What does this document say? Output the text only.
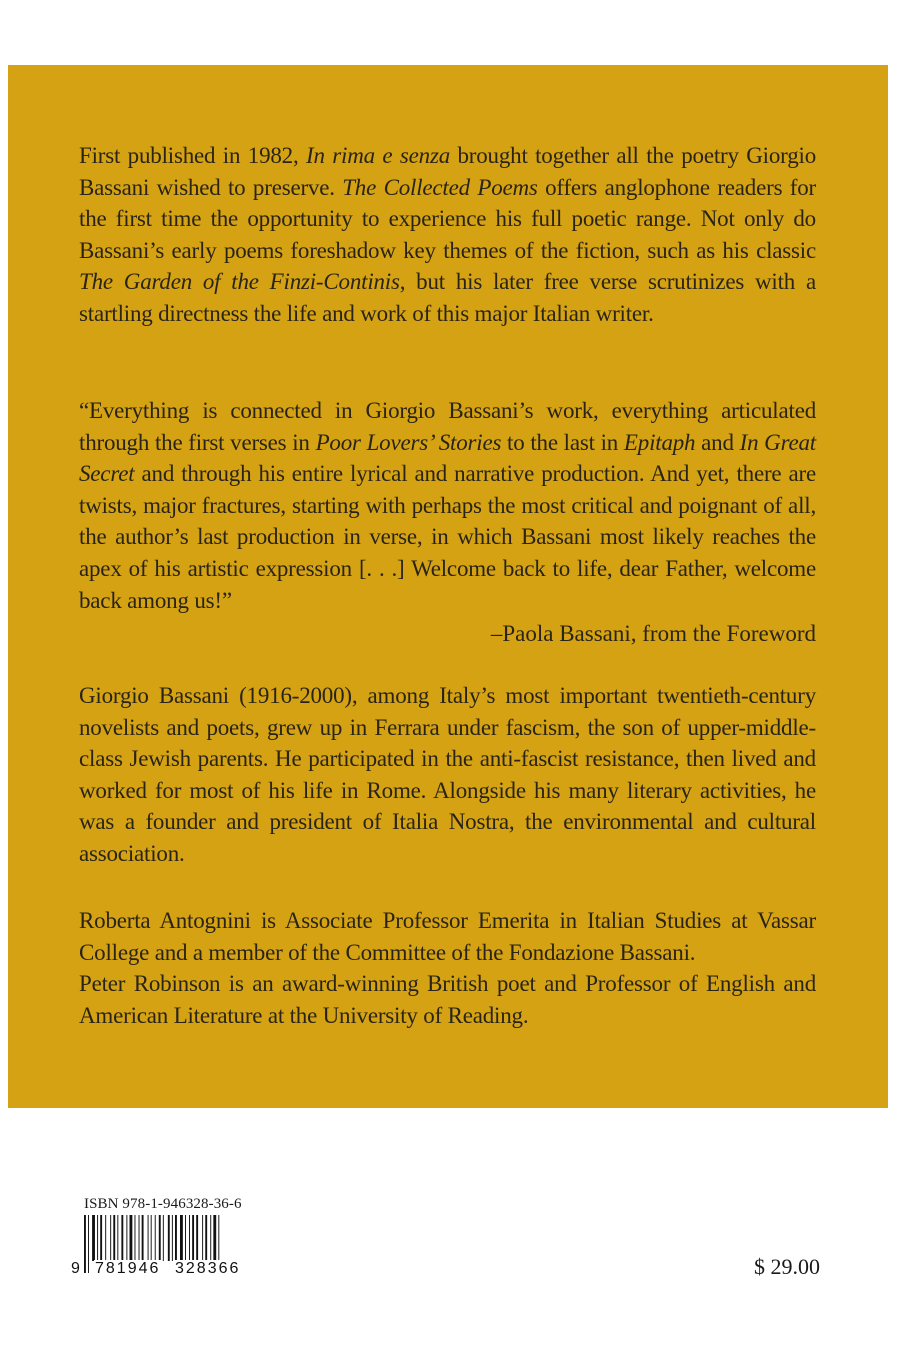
First published in 1982, In rima e senza brought together all the poetry Giorgio Bassani wished to preserve. The Collected Poems offers anglophone readers for the first time the opportunity to experience his full poetic range. Not only do Bassani’s early poems foreshadow key themes of the fiction, such as his classic The Garden of the Finzi-Continis, but his later free verse scrutinizes with a startling directness the life and work of this major Italian writer.

“Everything is connected in Giorgio Bassani’s work, everything articulated through the first verses in Poor Lovers’ Stories to the last in Epitaph and In Great Secret and through his entire lyrical and narrative production. And yet, there are twists, major fractures, starting with perhaps the most critical and poignant of all, the author’s last production in verse, in which Bassani most likely reaches the apex of his artistic expression [. . .] Welcome back to life, dear Father, welcome back among us!”

–Paola Bassani, from the Foreword

Giorgio Bassani (1916-2000), among Italy’s most important twentieth-century novelists and poets, grew up in Ferrara under fascism, the son of upper-middle-class Jewish parents. He participated in the anti-fascist resistance, then lived and worked for most of his life in Rome. Alongside his many literary activities, he was a founder and president of Italia Nostra, the environmental and cultural association.

Roberta Antognini is Associate Professor Emerita in Italian Studies at Vassar College and a member of the Committee of the Fondazione Bassani.
Peter Robinson is an award-winning British poet and Professor of English and American Literature at the University of Reading.

ISBN 978-1-946328-36-6
9 781946 328366	$ 29.00
